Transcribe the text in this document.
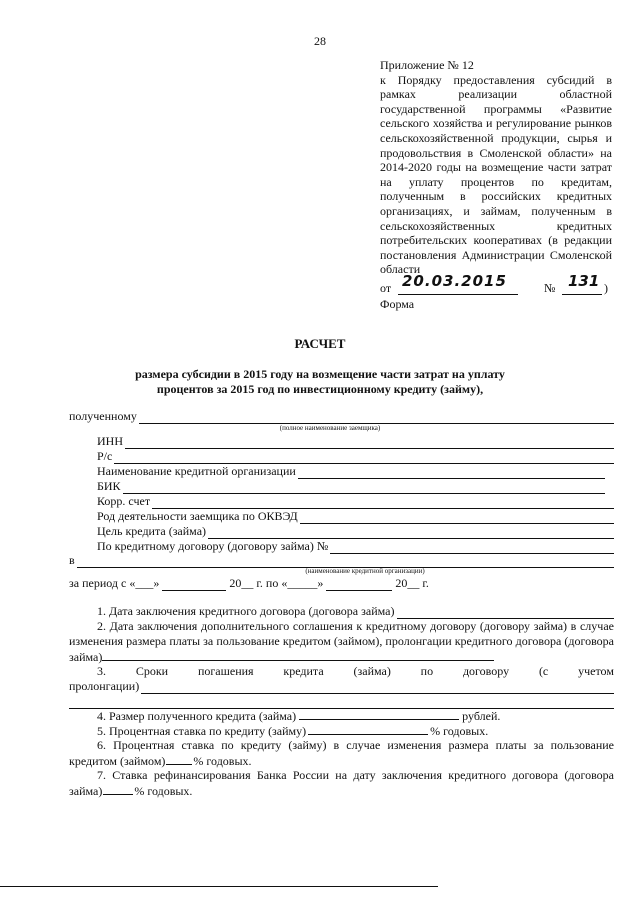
28

Приложение № 12

к Порядку предоставления субсидий в рамках реализации областной государственной программы «Развитие сельского хозяйства и регулирование рынков сельскохозяйственной продукции, сырья и продовольствия в Смоленской области» на 2014-2020 годы на возмещение части затрат на уплату процентов по кредитам, полученным в российских кредитных организациях, и займам, полученным в сельскохозяйственных кредитных потребительских кооперативах (в редакции постановления Администрации Смоленской области

от 20.03.2015	№ 131 )

Форма

РАСЧЕТ
размера субсидии в 2015 году на возмещение части затрат на уплату процентов за 2015 год по инвестиционному кредиту (займу),
полученному
(полное наименование заемщика)
ИНН
Р/с
Наименование кредитной организации
БИК
Корр. счет
Род деятельности заемщика по ОКВЭД
Цель кредита (займа)
По кредитному договору (договору займа) №
в
(наименование кредитной организации)
за период с «___»	20__ г. по «_____»	20__ г.

1. Дата заключения кредитного договора (договора займа)

2. Дата заключения дополнительного соглашения к кредитному договору (договору займа) в случае изменения размера платы за пользование кредитом (займом), пролонгации кредитного договора (договора займа)

3. Сроки погашения кредита (займа) по договору (с учетом

пролонгации)

4. Размер полученного кредита (займа)	рублей.

5. Процентная ставка по кредиту (займу)	% годовых.

6. Процентная ставка по кредиту (займу) в случае изменения размера платы за пользование кредитом (займом) % годовых.

7. Ставка рефинансирования Банка России на дату заключения кредитного договора (договора займа)	% годовых.
